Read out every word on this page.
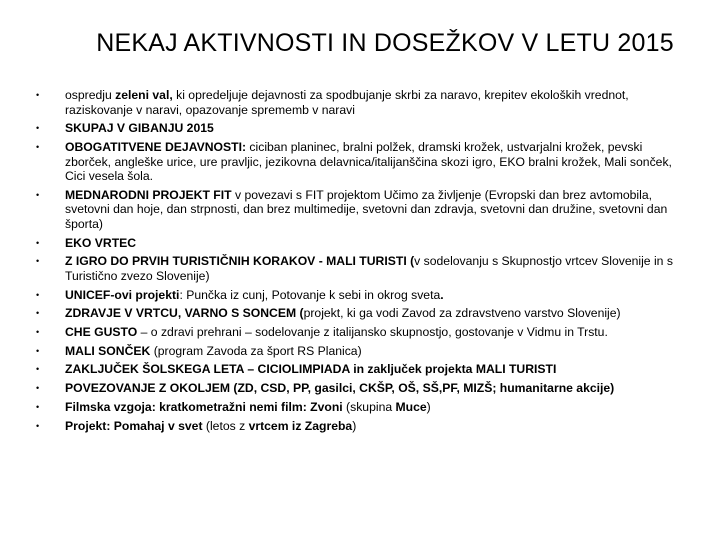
NEKAJ AKTIVNOSTI IN DOSEŽKOV V LETU 2015
• ospredju zeleni val, ki opredeljuje dejavnosti za spodbujanje skrbi za naravo, krepitev ekoloških vrednot, raziskovanje v naravi, opazovanje sprememb v naravi
• SKUPAJ V GIBANJU 2015
• OBOGATITVENE DEJAVNOSTI: ciciban planinec, bralni polžek, dramski krožek, ustvarjalni krožek, pevski zborček, angleške urice, ure pravljic, jezikovna delavnica/italijanščina skozi igro, EKO bralni krožek, Mali sonček, Cici vesela šola.
• MEDNARODNI PROJEKT FIT v povezavi s FIT projektom Učimo za življenje (Evropski dan brez avtomobila, svetovni dan hoje, dan strpnosti, dan brez multimedije, svetovni dan zdravja, svetovni dan družine, svetovni dan športa)
• EKO VRTEC
• Z IGRO DO PRVIH TURISTIČNIH KORAKOV - MALI TURISTI (v sodelovanju s Skupnostjo vrtcev Slovenije in s Turistično zvezo Slovenije)
• UNICEF-ovi projekti: Punčka iz cunj, Potovanje k sebi in okrog sveta.
• ZDRAVJE V VRTCU, VARNO S SONCEM (projekt, ki ga vodi Zavod za zdravstveno varstvo Slovenije)
• CHE GUSTO – o zdravi prehrani – sodelovanje z italijansko skupnostjo, gostovanje v Vidmu in Trstu.
• MALI SONČEK (program Zavoda za šport RS Planica)
• ZAKLJUČEK ŠOLSKEGA LETA – CICIOLIMPIADA in zaključek projekta MALI TURISTI
• POVEZOVANJE Z OKOLJEM (ZD, CSD, PP, gasilci, CKŠP, OŠ, SŠ,PF, MIZŠ; humanitarne akcije)
• Filmska vzgoja: kratkometražni nemi film: Zvoni (skupina Muce)
• Projekt: Pomahaj v svet (letos z vrtcem iz Zagreba)
